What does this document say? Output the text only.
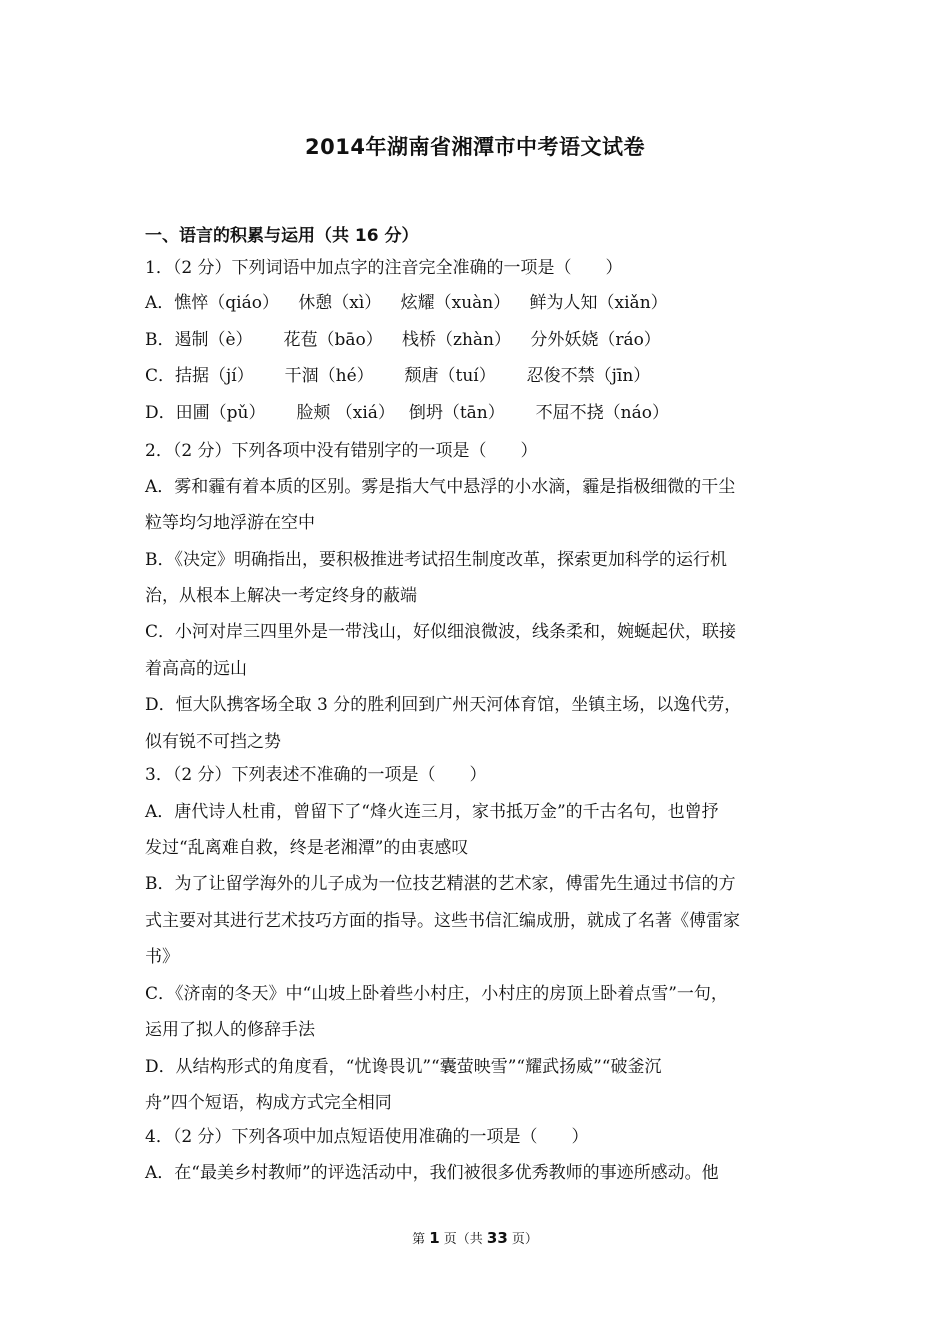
2014年湖南省湘潭市中考语文试卷
一、语言的积累与运用（共 16 分）
1．（2 分）下列词语中加点字的注音完全准确的一项是（　　）
A．憔悴（qiáo）　  休憩（xì）　  炫耀（xuàn）　  鲜为人知（xiǎn）
B．遏制（è）　　 花苞（bāo）　  栈桥（zhàn）　  分外妖娆（ráo）
C．拮据（jí）　　 干涸（hé）　　 颓唐（tuí）　　 忍俊不禁（jīn）
D．田圃（pǔ）　　 脸颊 （xiá）　 倒坍（tān）　　 不屈不挠（náo）
2．（2 分）下列各项中没有错别字的一项是（　　）
A．雾和霾有着本质的区别。雾是指大气中悬浮的小水滴，霾是指极细微的干尘
粒等均匀地浮游在空中
B．《决定》明确指出，要积极推进考试招生制度改革，探索更加科学的运行机
治，从根本上解决一考定终身的蔽端
C．小河对岸三四里外是一带浅山，好似细浪微波，线条柔和，婉蜒起伏，联接
着高高的远山
D．恒大队携客场全取 3 分的胜利回到广州天河体育馆，坐镇主场，以逸代劳，
似有锐不可挡之势
3．（2 分）下列表述不准确的一项是（　　）
A．唐代诗人杜甫，曾留下了“烽火连三月，家书抵万金”的千古名句，也曾抒
发过“乱离难自救，终是老湘潭”的由衷感叹
B．为了让留学海外的儿子成为一位技艺精湛的艺术家，傅雷先生通过书信的方
式主要对其进行艺术技巧方面的指导。这些书信汇编成册，就成了名著《傅雷家
书》
C．《济南的冬天》中“山坡上卧着些小村庄，小村庄的房顶上卧着点雪”一句，
运用了拟人的修辞手法
D．从结构形式的角度看，“忧谗畏讥”“囊萤映雪”“耀武扬威”“破釜沉
舟”四个短语，构成方式完全相同
4．（2 分）下列各项中加点短语使用准确的一项是（　　）
A．在“最美乡村教师”的评选活动中，我们被很多优秀教师的事迹所感动。他
第 1 页（共 33 页）
